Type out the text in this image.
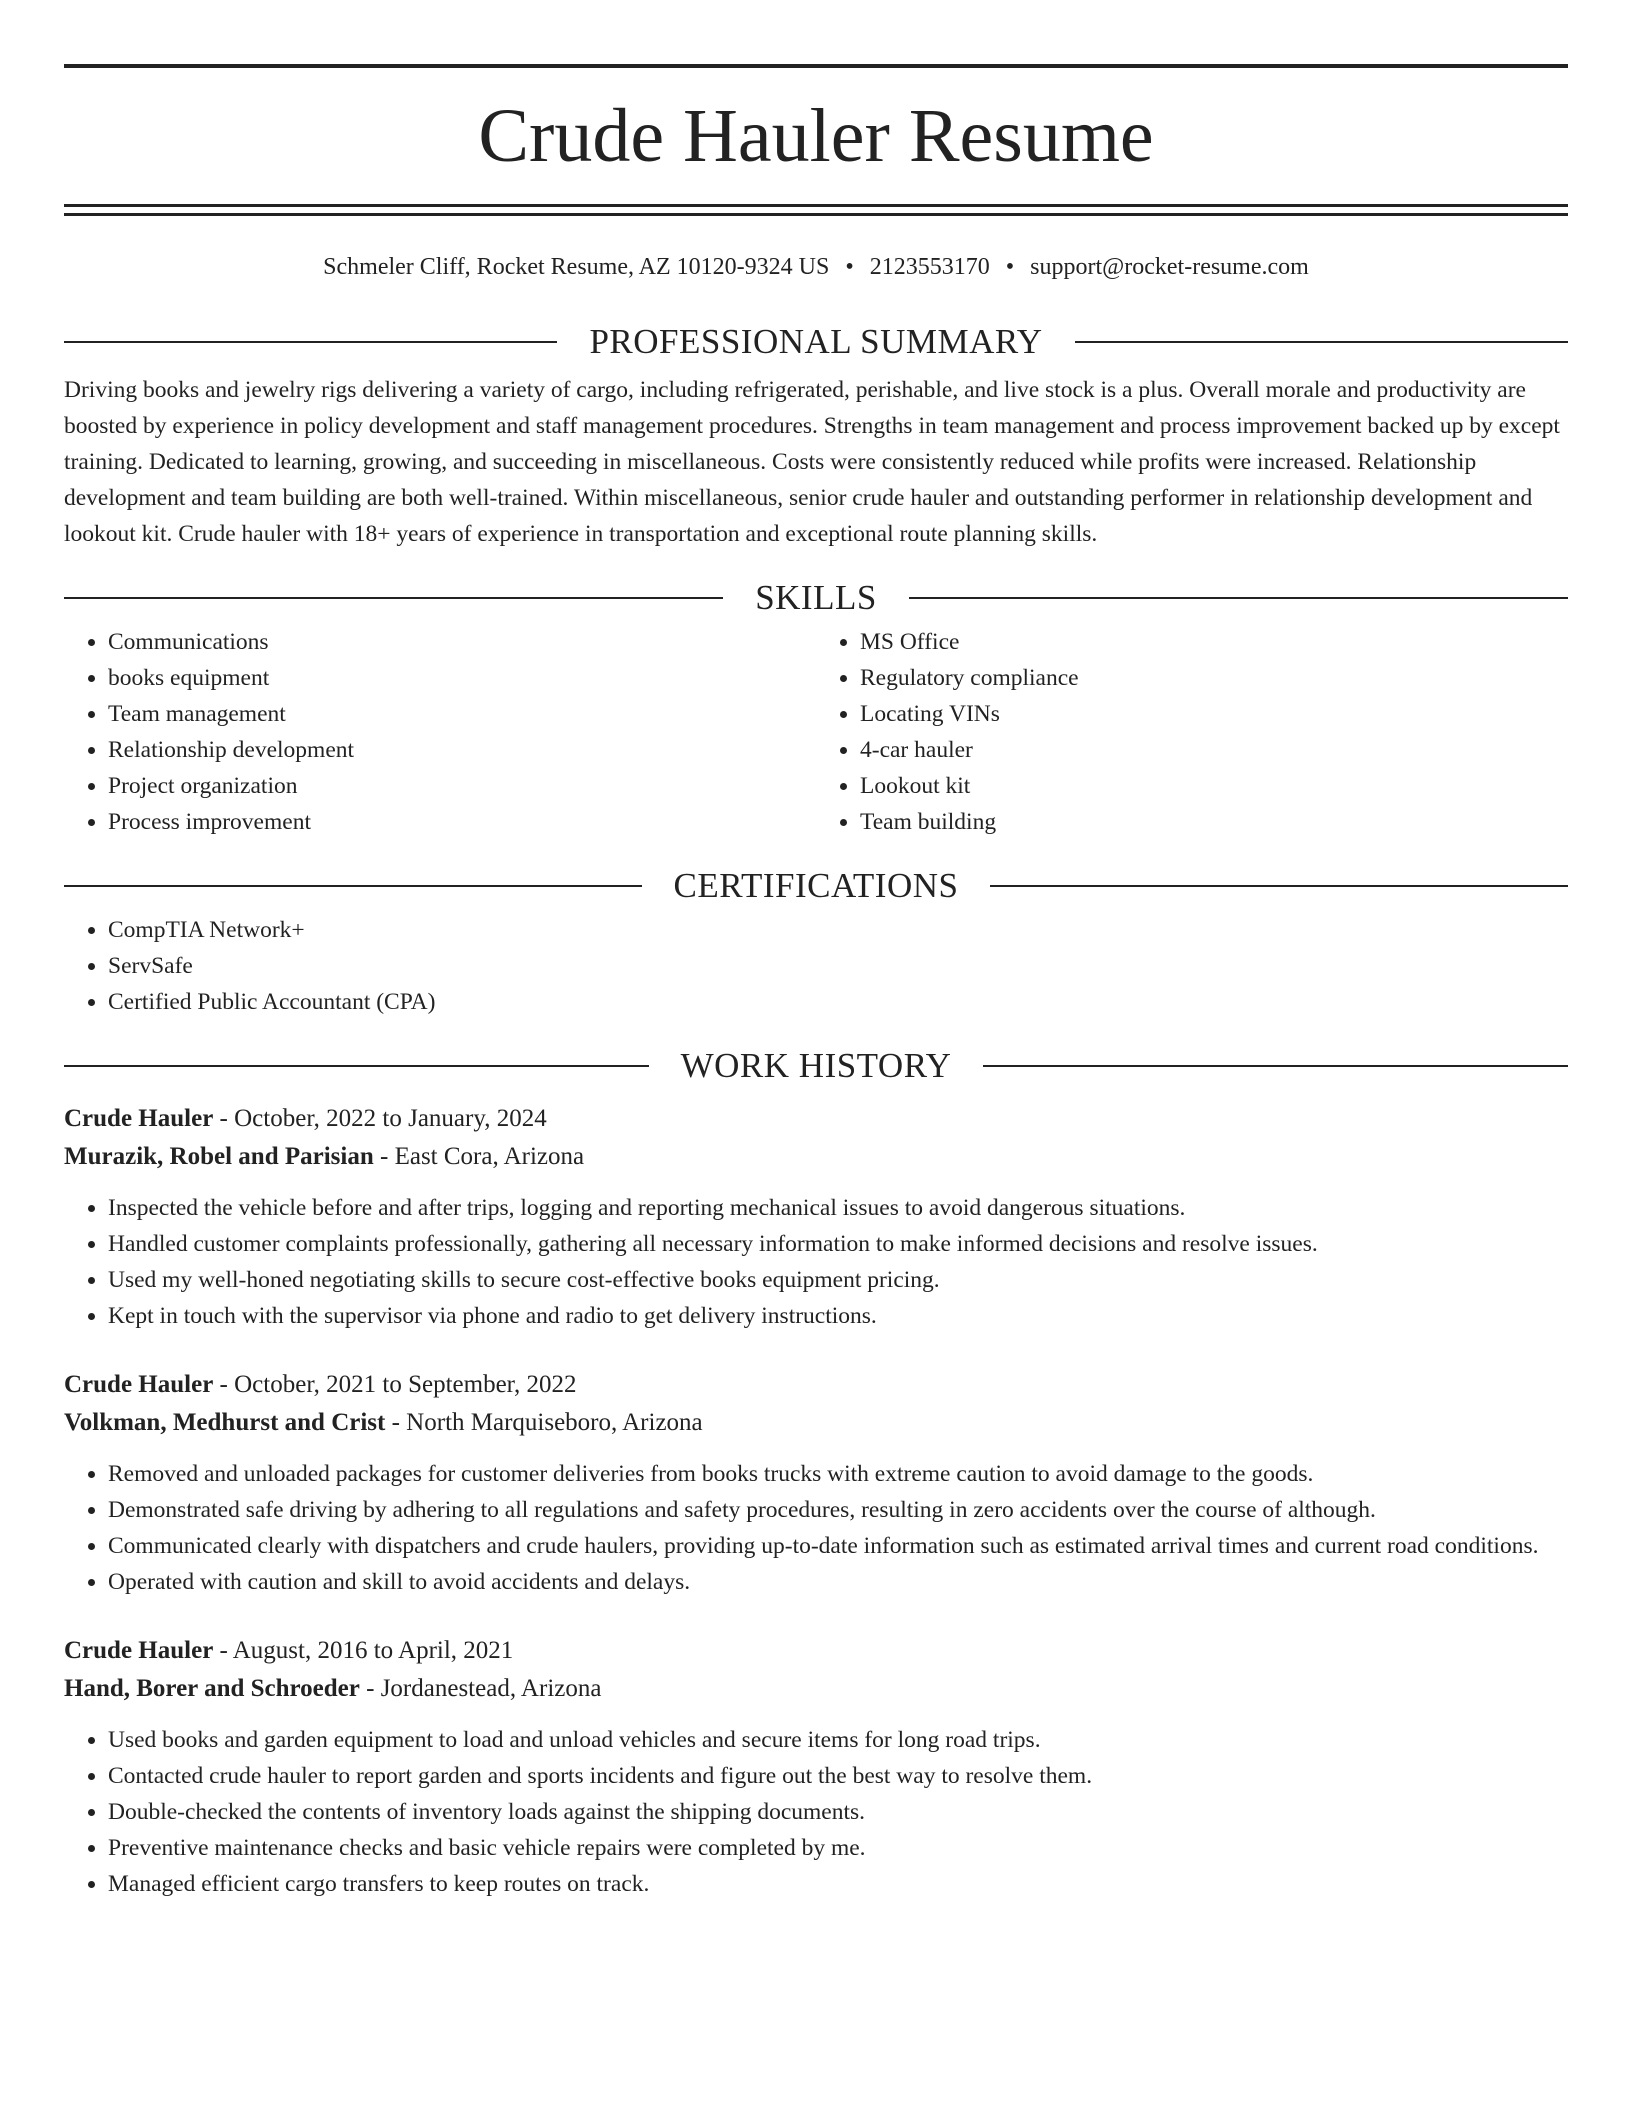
Crude Hauler Resume
Schmeler Cliff, Rocket Resume, AZ 10120-9324 US • 2123553170 • support@rocket-resume.com
PROFESSIONAL SUMMARY

Driving books and jewelry rigs delivering a variety of cargo, including refrigerated, perishable, and live stock is a plus. Overall morale and productivity are boosted by experience in policy development and staff management procedures. Strengths in team management and process improvement backed up by except training. Dedicated to learning, growing, and succeeding in miscellaneous. Costs were consistently reduced while profits were increased. Relationship development and team building are both well-trained. Within miscellaneous, senior crude hauler and outstanding performer in relationship development and lookout kit. Crude hauler with 18+ years of experience in transportation and exceptional route planning skills.

SKILLS
• Communications
• books equipment
• Team management
• Relationship development
• Project organization
• Process improvement
• MS Office
• Regulatory compliance
• Locating VINs
• 4-car hauler
• Lookout kit
• Team building
CERTIFICATIONS
• CompTIA Network+
• ServSafe
• Certified Public Accountant (CPA)
WORK HISTORY
Crude Hauler - October, 2022 to January, 2024
Murazik, Robel and Parisian - East Cora, Arizona
• Inspected the vehicle before and after trips, logging and reporting mechanical issues to avoid dangerous situations.
• Handled customer complaints professionally, gathering all necessary information to make informed decisions and resolve issues.
• Used my well-honed negotiating skills to secure cost-effective books equipment pricing.
• Kept in touch with the supervisor via phone and radio to get delivery instructions.
Crude Hauler - October, 2021 to September, 2022
Volkman, Medhurst and Crist - North Marquiseboro, Arizona
• Removed and unloaded packages for customer deliveries from books trucks with extreme caution to avoid damage to the goods.
• Demonstrated safe driving by adhering to all regulations and safety procedures, resulting in zero accidents over the course of although.
• Communicated clearly with dispatchers and crude haulers, providing up-to-date information such as estimated arrival times and current road conditions.
• Operated with caution and skill to avoid accidents and delays.
Crude Hauler - August, 2016 to April, 2021
Hand, Borer and Schroeder - Jordanestead, Arizona
• Used books and garden equipment to load and unload vehicles and secure items for long road trips.
• Contacted crude hauler to report garden and sports incidents and figure out the best way to resolve them.
• Double-checked the contents of inventory loads against the shipping documents.
• Preventive maintenance checks and basic vehicle repairs were completed by me.
• Managed efficient cargo transfers to keep routes on track.
